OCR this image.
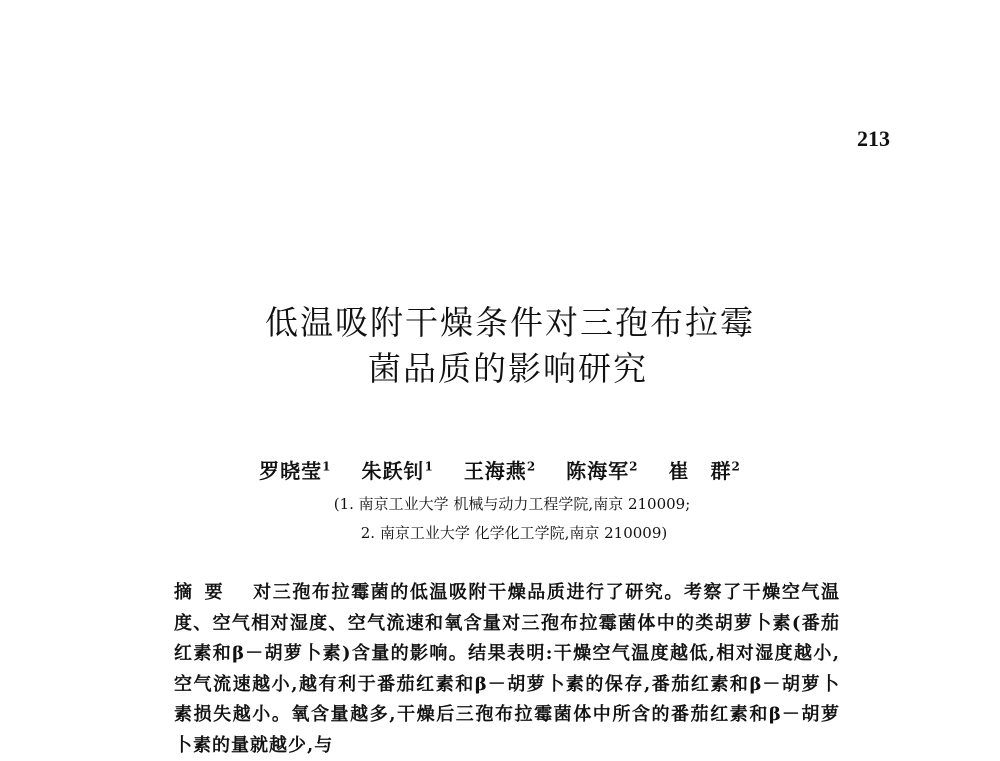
213
低温吸附干燥条件对三孢布拉霉
菌品质的影响研究
罗晓莹$^1$ 朱跃钊$^1$ 王海燕$^2$ 陈海军$^2$ 崔　群$^2$
(1. 南京工业大学 机械与动力工程学院,南京 210009;
2. 南京工业大学 化学化工学院,南京 210009)
摘要 对三孢布拉霉菌的低温吸附干燥品质进行了研究。考察了干燥空气温度、空气相对湿度、空气流速和氧含量对三孢布拉霉菌体中的类胡萝卜素(番茄红素和β－胡萝卜素)含量的影响。结果表明:干燥空气温度越低,相对湿度越小,空气流速越小,越有利于番茄红素和β－胡萝卜素的保存,番茄红素和β－胡萝卜素损失越小。氧含量越多,干燥后三孢布拉霉菌体中所含的番茄红素和β－胡萝卜素的量就越少,与
